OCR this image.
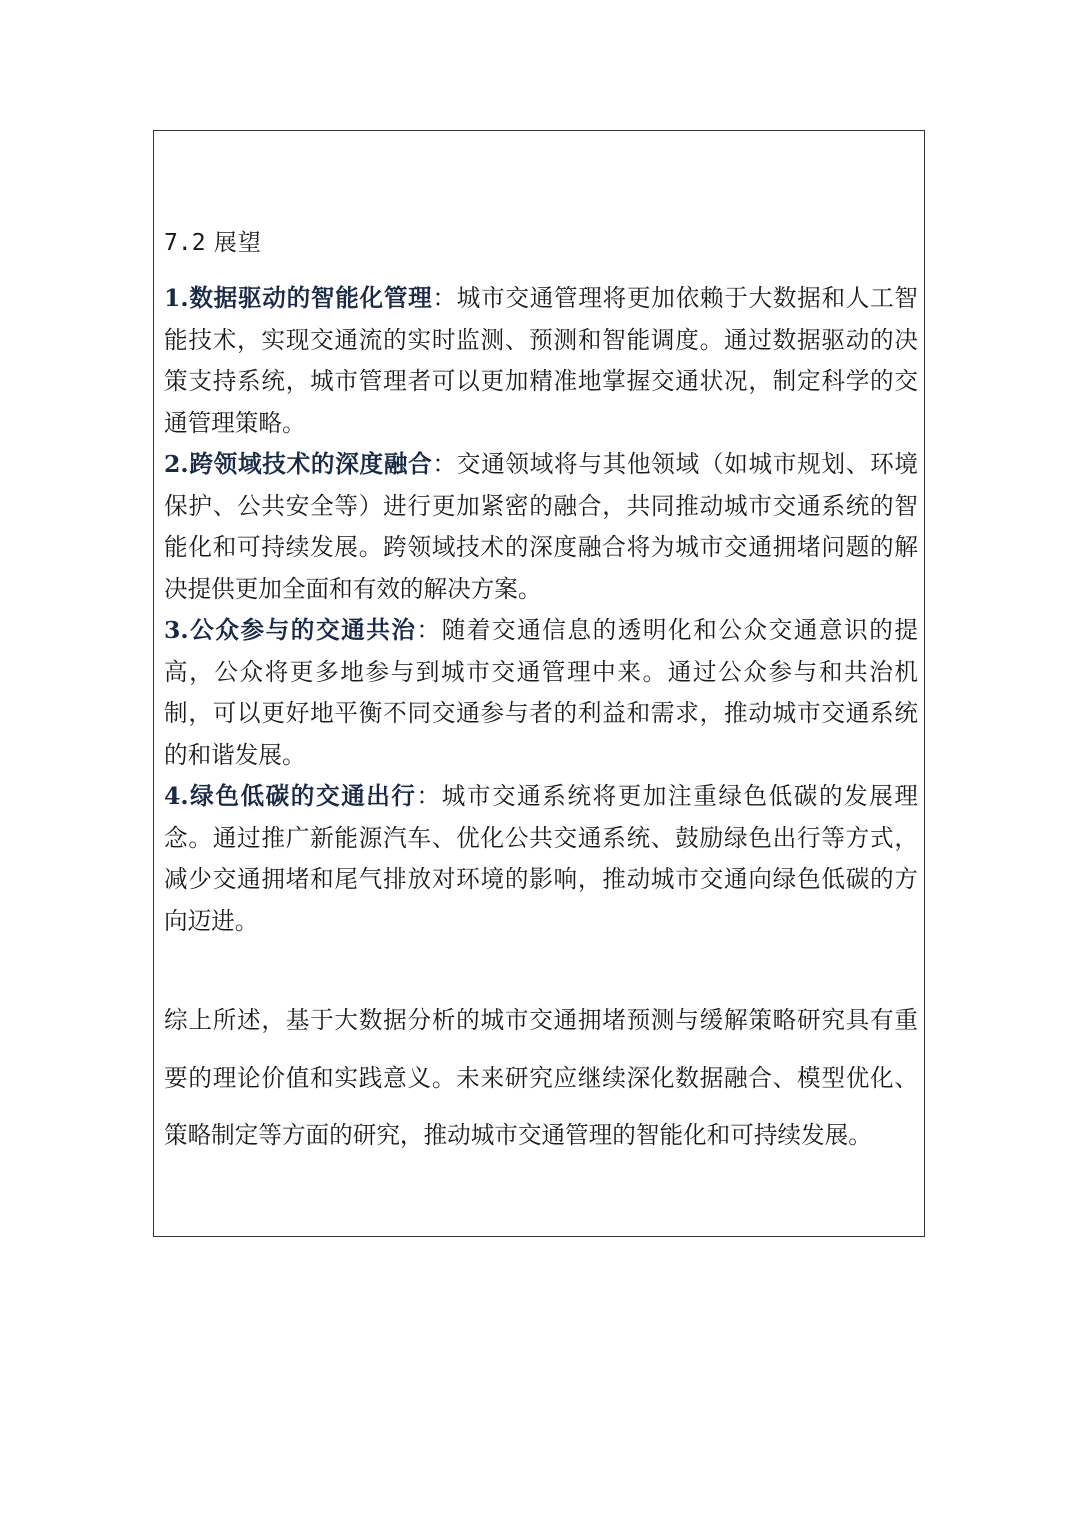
7.2 展望
1.数据驱动的智能化管理：城市交通管理将更加依赖于大数据和人工智能技术，实现交通流的实时监测、预测和智能调度。通过数据驱动的决策支持系统，城市管理者可以更加精准地掌握交通状况，制定科学的交通管理策略。
2.跨领域技术的深度融合：交通领域将与其他领域（如城市规划、环境保护、公共安全等）进行更加紧密的融合，共同推动城市交通系统的智能化和可持续发展。跨领域技术的深度融合将为城市交通拥堵问题的解决提供更加全面和有效的解决方案。
3.公众参与的交通共治：随着交通信息的透明化和公众交通意识的提高，公众将更多地参与到城市交通管理中来。通过公众参与和共治机制，可以更好地平衡不同交通参与者的利益和需求，推动城市交通系统的和谐发展。
4.绿色低碳的交通出行：城市交通系统将更加注重绿色低碳的发展理念。通过推广新能源汽车、优化公共交通系统、鼓励绿色出行等方式，减少交通拥堵和尾气排放对环境的影响，推动城市交通向绿色低碳的方向迈进。

综上所述，基于大数据分析的城市交通拥堵预测与缓解策略研究具有重要的理论价值和实践意义。未来研究应继续深化数据融合、模型优化、策略制定等方面的研究，推动城市交通管理的智能化和可持续发展。
